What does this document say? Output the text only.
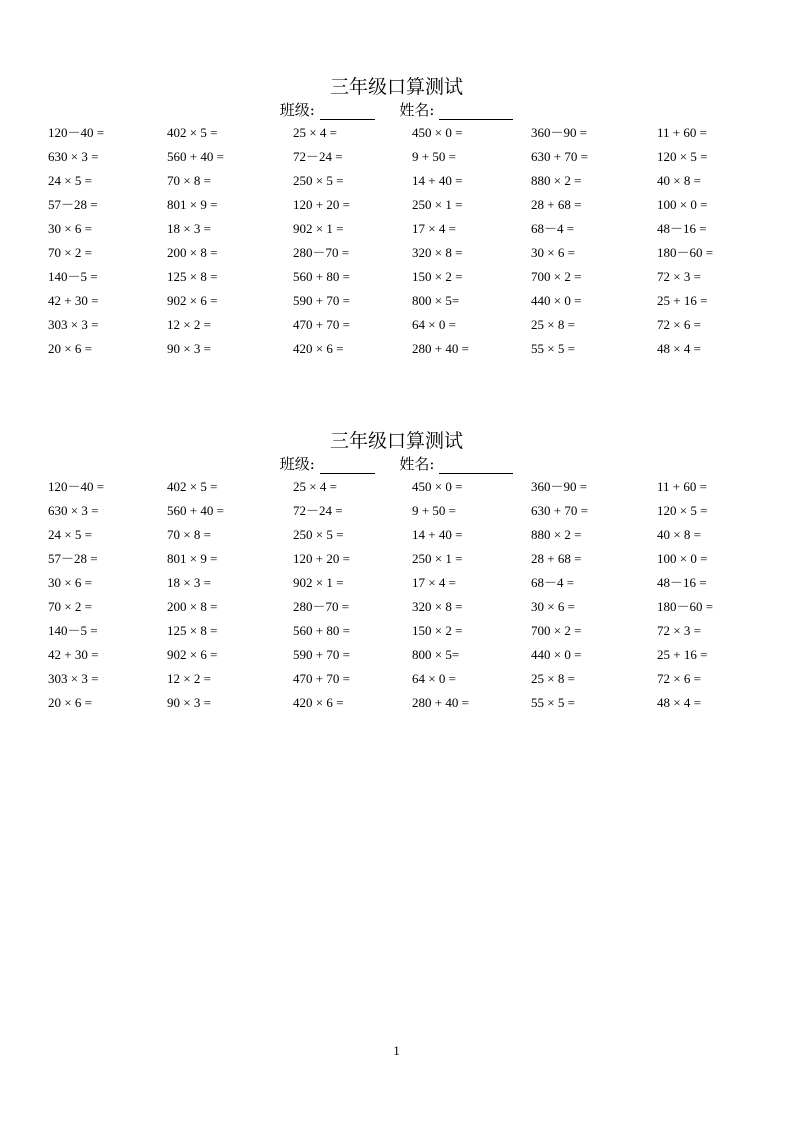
三年级口算测试
班级:	姓名:
120－40 =	402 × 5 =	25 × 4 =	450 × 0 =	360－90 =	11 + 60 =
630 × 3 =	560 + 40 =	72－24 =	9 + 50 =	630 + 70 =	120 × 5 =
24 × 5 =	70 × 8 =	250 × 5 =	14 + 40 =	880 × 2 =	40 × 8 =
57－28 =	801 × 9 =	120 + 20 =	250 × 1 =	28 + 68 =	100 × 0 =
30 × 6 =	18 × 3 =	902 × 1 =	17 × 4 =	68－4 =	48－16 =
70 × 2 =	200 × 8 =	280－70 =	320 × 8 =	30 × 6 =	180－60 =
140－5 =	125 × 8 =	560 + 80 =	150 × 2 =	700 × 2 =	72 × 3 =
42 + 30 =	902 × 6 =	590 + 70 =	800 × 5=	440 × 0 =	25 + 16 =
303 × 3 =	12 × 2 =	470 + 70 =	64 × 0 =	25 × 8 =	72 × 6 =
20 × 6 =	90 × 3 =	420 × 6 =	280 + 40 =	55 × 5 =	48 × 4 =
三年级口算测试
班级:	姓名:
120－40 =	402 × 5 =	25 × 4 =	450 × 0 =	360－90 =	11 + 60 =
630 × 3 =	560 + 40 =	72－24 =	9 + 50 =	630 + 70 =	120 × 5 =
24 × 5 =	70 × 8 =	250 × 5 =	14 + 40 =	880 × 2 =	40 × 8 =
57－28 =	801 × 9 =	120 + 20 =	250 × 1 =	28 + 68 =	100 × 0 =
30 × 6 =	18 × 3 =	902 × 1 =	17 × 4 =	68－4 =	48－16 =
70 × 2 =	200 × 8 =	280－70 =	320 × 8 =	30 × 6 =	180－60 =
140－5 =	125 × 8 =	560 + 80 =	150 × 2 =	700 × 2 =	72 × 3 =
42 + 30 =	902 × 6 =	590 + 70 =	800 × 5=	440 × 0 =	25 + 16 =
303 × 3 =	12 × 2 =	470 + 70 =	64 × 0 =	25 × 8 =	72 × 6 =
20 × 6 =	90 × 3 =	420 × 6 =	280 + 40 =	55 × 5 =	48 × 4 =
1
